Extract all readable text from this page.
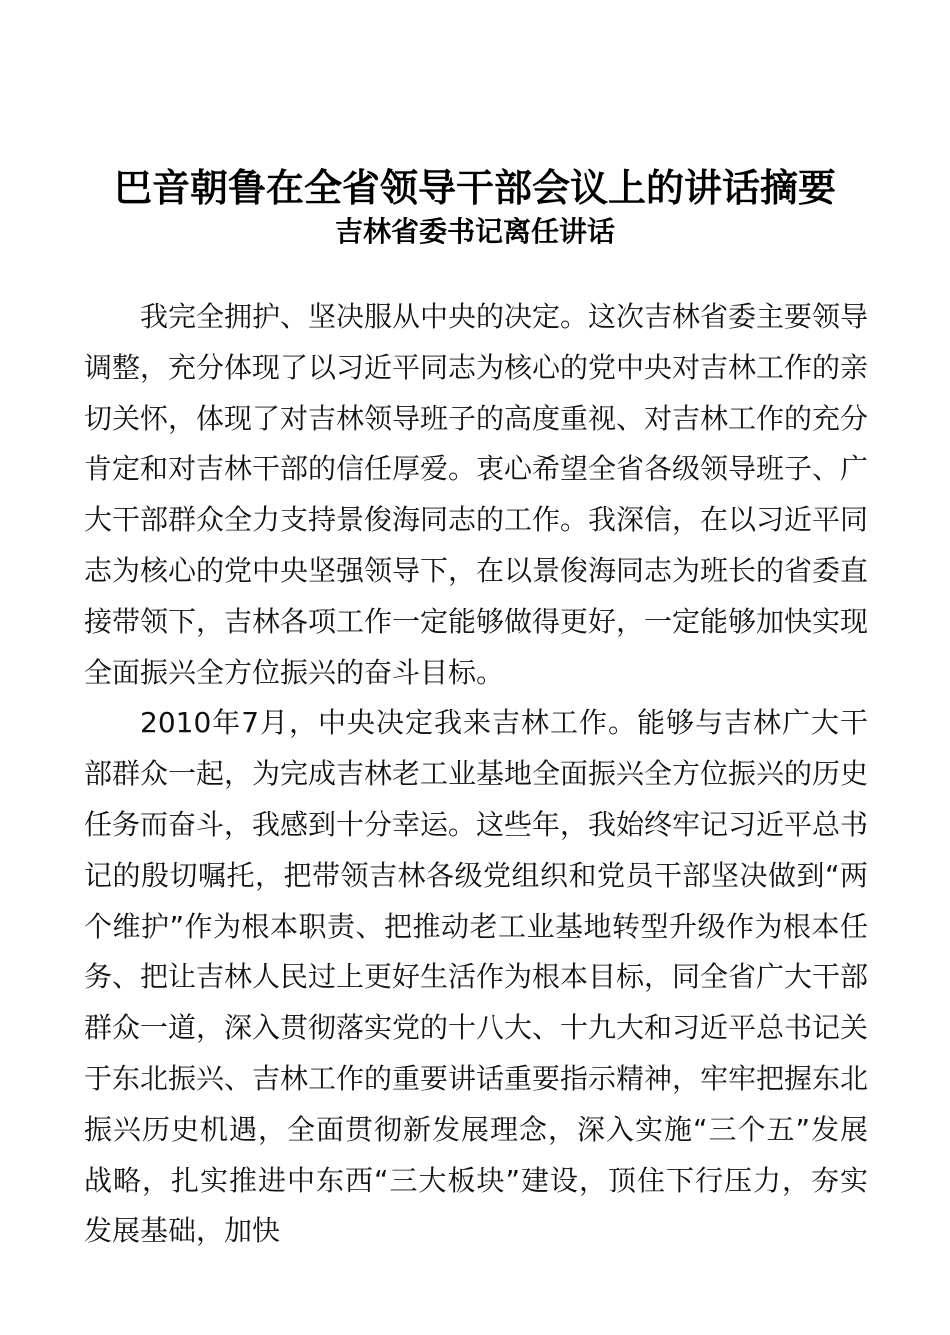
巴音朝鲁在全省领导干部会议上的讲话摘要
吉林省委书记离任讲话

我完全拥护、坚决服从中央的决定。这次吉林省委主要领导调整，充分体现了以习近平同志为核心的党中央对吉林工作的亲切关怀，体现了对吉林领导班子的高度重视、对吉林工作的充分肯定和对吉林干部的信任厚爱。衷心希望全省各级领导班子、广大干部群众全力支持景俊海同志的工作。我深信，在以习近平同志为核心的党中央坚强领导下，在以景俊海同志为班长的省委直接带领下，吉林各项工作一定能够做得更好，一定能够加快实现全面振兴全方位振兴的奋斗目标。

2010年7月，中央决定我来吉林工作。能够与吉林广大干部群众一起，为完成吉林老工业基地全面振兴全方位振兴的历史任务而奋斗，我感到十分幸运。这些年，我始终牢记习近平总书记的殷切嘱托，把带领吉林各级党组织和党员干部坚决做到“两个维护”作为根本职责、把推动老工业基地转型升级作为根本任务、把让吉林人民过上更好生活作为根本目标，同全省广大干部群众一道，深入贯彻落实党的十八大、十九大和习近平总书记关于东北振兴、吉林工作的重要讲话重要指示精神，牢牢把握东北振兴历史机遇，全面贯彻新发展理念，深入实施“三个五”发展战略，扎实推进中东西“三大板块”建设，顶住下行压力，夯实发展基础，加快
